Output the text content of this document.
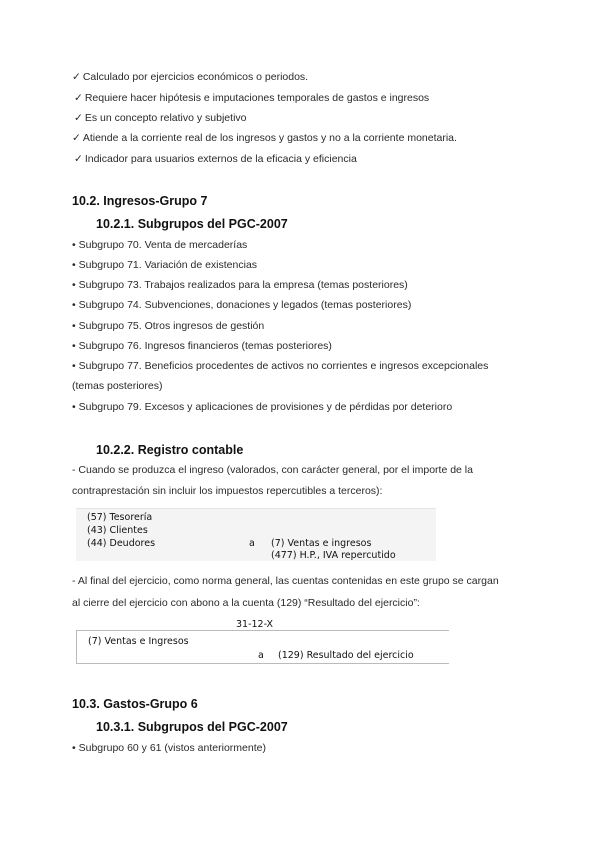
✓ Calculado por ejercicios económicos o periodos.
✓ Requiere hacer hipótesis e imputaciones temporales de gastos e ingresos
✓ Es un concepto relativo y subjetivo
✓ Atiende a la corriente real de los ingresos y gastos y no a la corriente monetaria.
✓ Indicador para usuarios externos de la eficacia y eficiencia
10.2. Ingresos-Grupo 7
10.2.1. Subgrupos del PGC-2007
• Subgrupo 70. Venta de mercaderías
• Subgrupo 71. Variación de existencias
• Subgrupo 73. Trabajos realizados para la empresa (temas posteriores)
• Subgrupo 74. Subvenciones, donaciones y legados (temas posteriores)
• Subgrupo 75. Otros ingresos de gestión
• Subgrupo 76. Ingresos financieros (temas posteriores)
• Subgrupo 77. Beneficios procedentes de activos no corrientes e ingresos excepcionales
(temas posteriores)
• Subgrupo 79. Excesos y aplicaciones de provisiones y de pérdidas por deterioro
10.2.2. Registro contable
- Cuando se produzca el ingreso (valorados, con carácter general, por el importe de la
contraprestación sin incluir los impuestos repercutibles a terceros):
(57) Tesorería
(43) Clientes
(44) Deudores	a (7) Ventas e ingresos
(477) H.P., IVA repercutido
- Al final del ejercicio, como norma general, las cuentas contenidas en este grupo se cargan
al cierre del ejercicio con abono a la cuenta (129) “Resultado del ejercicio”:
31-12-X
(7) Ventas e Ingresos
a (129) Resultado del ejercicio
10.3. Gastos-Grupo 6
10.3.1. Subgrupos del PGC-2007
• Subgrupo 60 y 61 (vistos anteriormente)
